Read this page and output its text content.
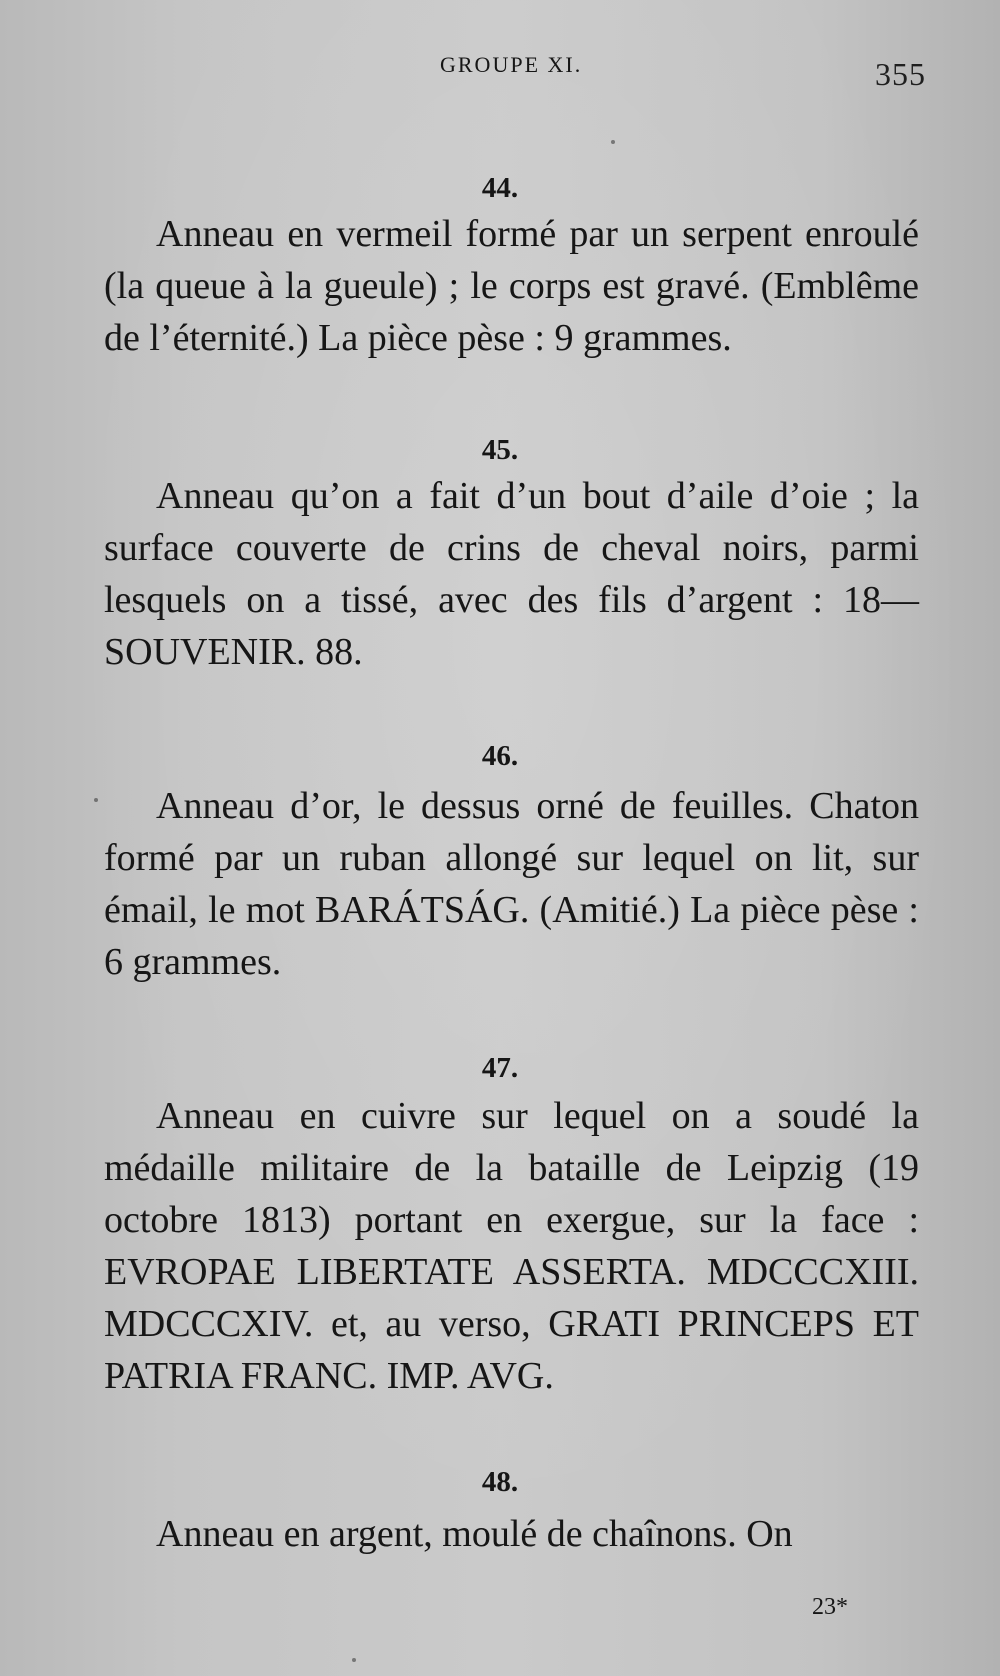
GROUPE XI.	355
44.

Anneau en vermeil formé par un serpent enroulé (la queue à la gueule) ; le corps est gravé. (Emblême de l’éternité.) La pièce pèse : 9 grammes.

45.

Anneau qu’on a fait d’un bout d’aile d’oie ; la surface couverte de crins de cheval noirs, parmi lesquels on a tissé, avec des fils d’argent : 18—SOUVENIR. 88.

46.

Anneau d’or, le dessus orné de feuilles. Chaton formé par un ruban allongé sur lequel on lit, sur émail, le mot BARÁTSÁG. (Amitié.) La pièce pèse : 6 grammes.

47.

Anneau en cuivre sur lequel on a soudé la médaille militaire de la bataille de Leipzig (19 octobre 1813) portant en exergue, sur la face : EVROPAE LIBERTATE ASSERTA. MDCCCXIII. MDCCCXIV. et, au verso, GRATI PRINCEPS ET PATRIA FRANC. IMP. AVG.

48.

Anneau en argent, moulé de chaînons. On

23*
